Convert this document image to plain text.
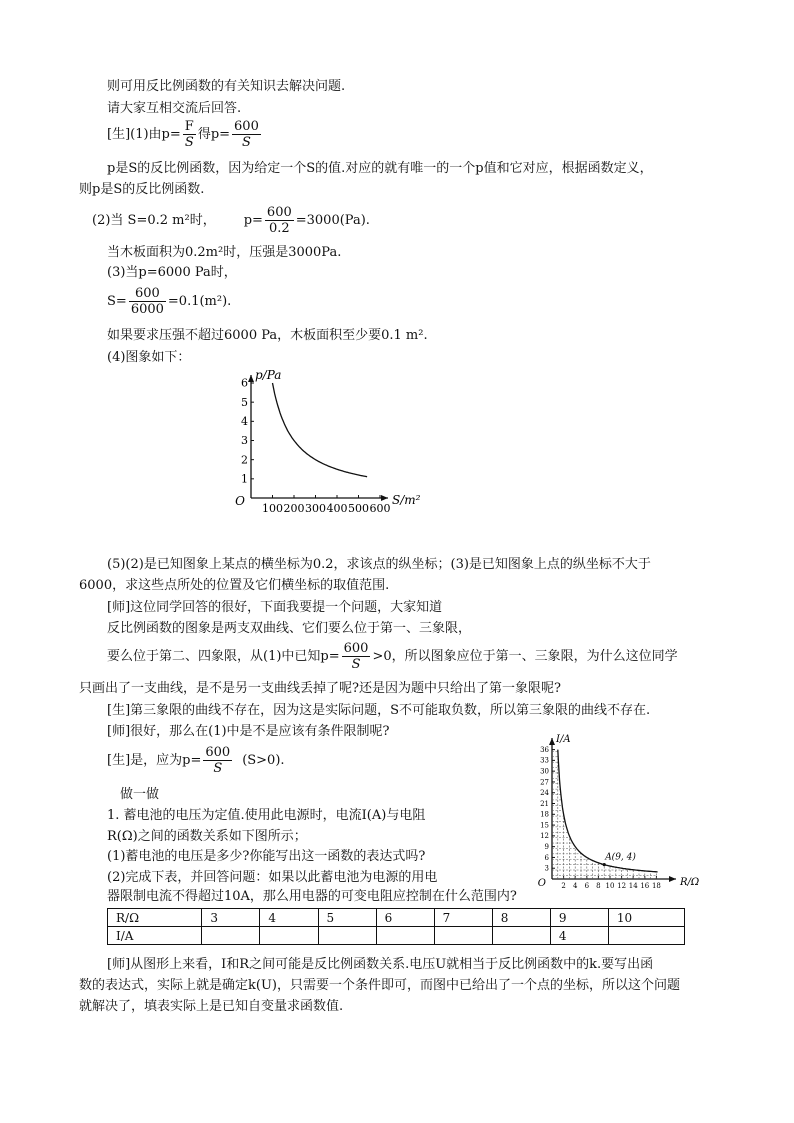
则可用反比例函数的有关知识去解决问题.
请大家互相交流后回答.
[生](1)由$p= \frac{F}{S}$ 得$p= \frac{600}{S}$
p是S的反比例函数，因为给定一个S的值.对应的就有唯一的一个p值和它对应，根据函数定义，
则p是S的反比例函数.
(2)当 S=0.2 m²时， $p= \frac{600}{0.2} =3000(Pa)$.
当木板面积为0.2m²时，压强是3000Pa.
(3)当p=6000 Pa时，
$S= \frac{600}{6000} =0.1(m^2)$.
如果要求压强不超过6000 Pa，木板面积至少要0.1 m².
(4)图象如下：
100 200 300 400 500 600
1
2
3
4
5
6
O	S/m²
p/Pa
(5)(2)是已知图象上某点的横坐标为0.2，求该点的纵坐标；(3)是已知图象上点的纵坐标不大于
6000，求这些点所处的位置及它们横坐标的取值范围.
[师]这位同学回答的很好，下面我要提一个问题，大家知道
反比例函数的图象是两支双曲线、它们要么位于第一、三象限，
要么位于第二、四象限，从(1)中已知$p= \frac{600}{S} >0$，所以图象应位于第一、三象限，为什么这位同学
只画出了一支曲线，是不是另一支曲线丢掉了呢?还是因为题中只给出了第一象限呢?
[生]第三象限的曲线不存在，因为这是实际问题，S不可能取负数，所以第三象限的曲线不存在.
[师]很好，那么在(1)中是不是应该有条件限制呢?
[生]是，应为$p= \frac{600}{S} (S>0)$.
做一做
1. 蓄电池的电压为定值.使用此电源时，电流I(A)与电阻
R(Ω)之间的函数关系如下图所示；
(1)蓄电池的电压是多少?你能写出这一函数的表达式吗?
(2)完成下表，并回答问题：如果以此蓄电池为电源的用电
器限制电流不得超过10A，那么用电器的可变电阻应控制在什么范围内?
2 4 6 8 10 12 14 16 18
3
6
9
12
15
18
21
24
27
30
33
36
O	R/Ω
I/A
A(9, 4)
R/Ω	3	4	5	6	7	8	9	10
I/A							4	
[师]从图形上来看，I和R之间可能是反比例函数关系.电压U就相当于反比例函数中的k.要写出函
数的表达式，实际上就是确定k(U)，只需要一个条件即可，而图中已给出了一个点的坐标，所以这个问题
就解决了，填表实际上是已知自变量求函数值.
